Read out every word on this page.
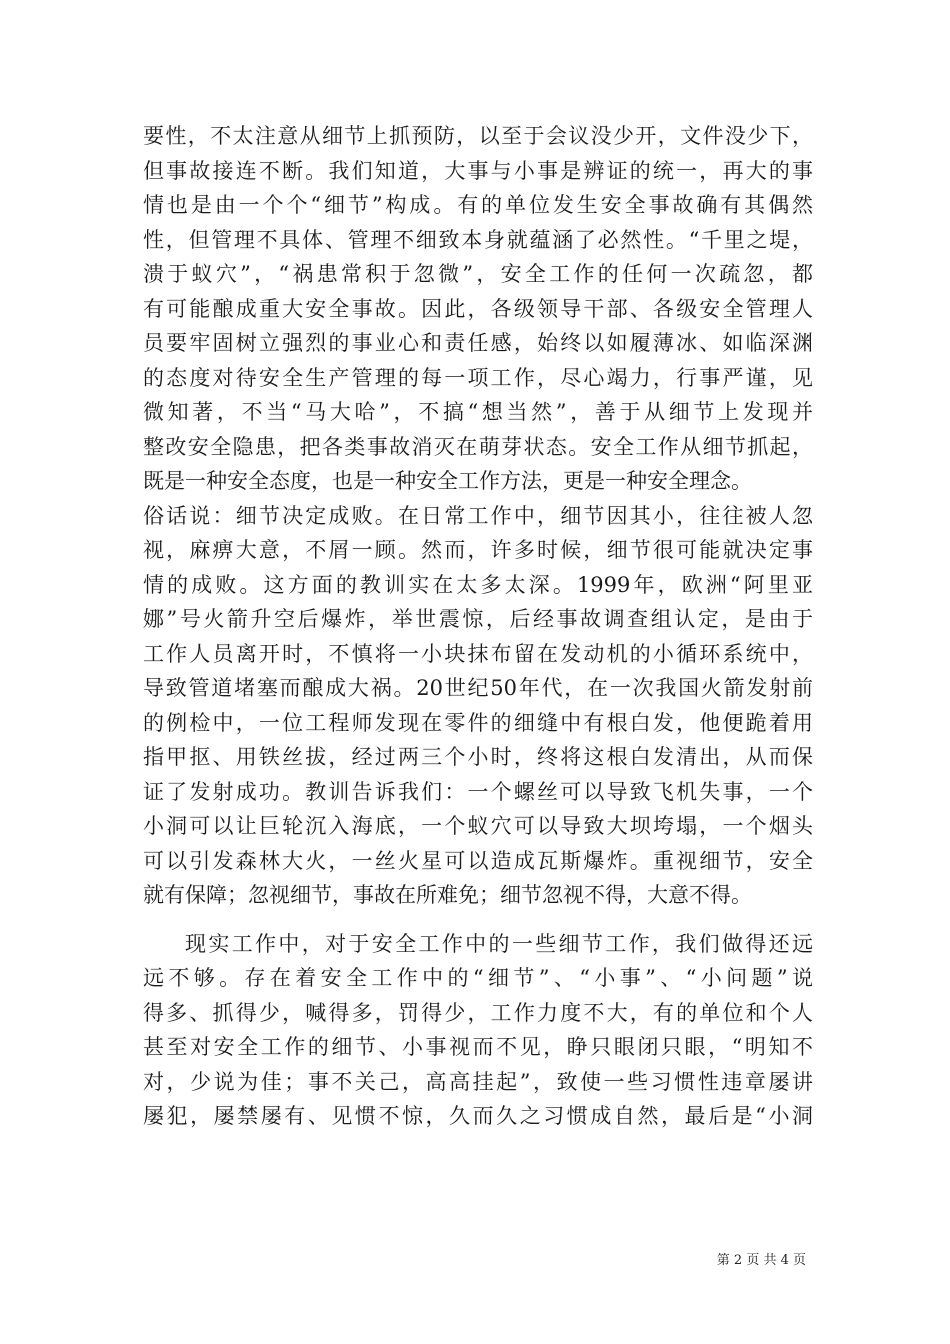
要性，不太注意从细节上抓预防，以至于会议没少开，文件没少下，
但事故接连不断。我们知道，大事与小事是辨证的统一，再大的事
情也是由一个个“细节”构成。有的单位发生安全事故确有其偶然
性，但管理不具体、管理不细致本身就蕴涵了必然性。“千里之堤，
溃于蚁穴”，“祸患常积于忽微”，安全工作的任何一次疏忽，都
有可能酿成重大安全事故。因此，各级领导干部、各级安全管理人
员要牢固树立强烈的事业心和责任感，始终以如履薄冰、如临深渊
的态度对待安全生产管理的每一项工作，尽心竭力，行事严谨，见
微知著，不当“马大哈”，不搞“想当然”，善于从细节上发现并
整改安全隐患，把各类事故消灭在萌芽状态。安全工作从细节抓起，
既是一种安全态度，也是一种安全工作方法，更是一种安全理念。
俗话说：细节决定成败。在日常工作中，细节因其小，往往被人忽
视，麻痹大意，不屑一顾。然而，许多时候，细节很可能就决定事
情的成败。这方面的教训实在太多太深。1999年，欧洲“阿里亚
娜”号火箭升空后爆炸，举世震惊，后经事故调查组认定，是由于
工作人员离开时，不慎将一小块抹布留在发动机的小循环系统中，
导致管道堵塞而酿成大祸。20世纪50年代，在一次我国火箭发射前
的例检中，一位工程师发现在零件的细缝中有根白发，他便跪着用
指甲抠、用铁丝拔，经过两三个小时，终将这根白发清出，从而保
证了发射成功。教训告诉我们：一个螺丝可以导致飞机失事，一个
小洞可以让巨轮沉入海底，一个蚁穴可以导致大坝垮塌，一个烟头
可以引发森林大火，一丝火星可以造成瓦斯爆炸。重视细节，安全
就有保障；忽视细节，事故在所难免；细节忽视不得，大意不得。
现实工作中，对于安全工作中的一些细节工作，我们做得还远
远不够。存在着安全工作中的“细节”、“小事”、“小问题”说
得多、抓得少，喊得多，罚得少，工作力度不大，有的单位和个人
甚至对安全工作的细节、小事视而不见，睁只眼闭只眼，“明知不
对，少说为佳；事不关己，高高挂起”，致使一些习惯性违章屡讲
屡犯，屡禁屡有、见惯不惊，久而久之习惯成自然，最后是“小洞
第 2 页 共 4 页
